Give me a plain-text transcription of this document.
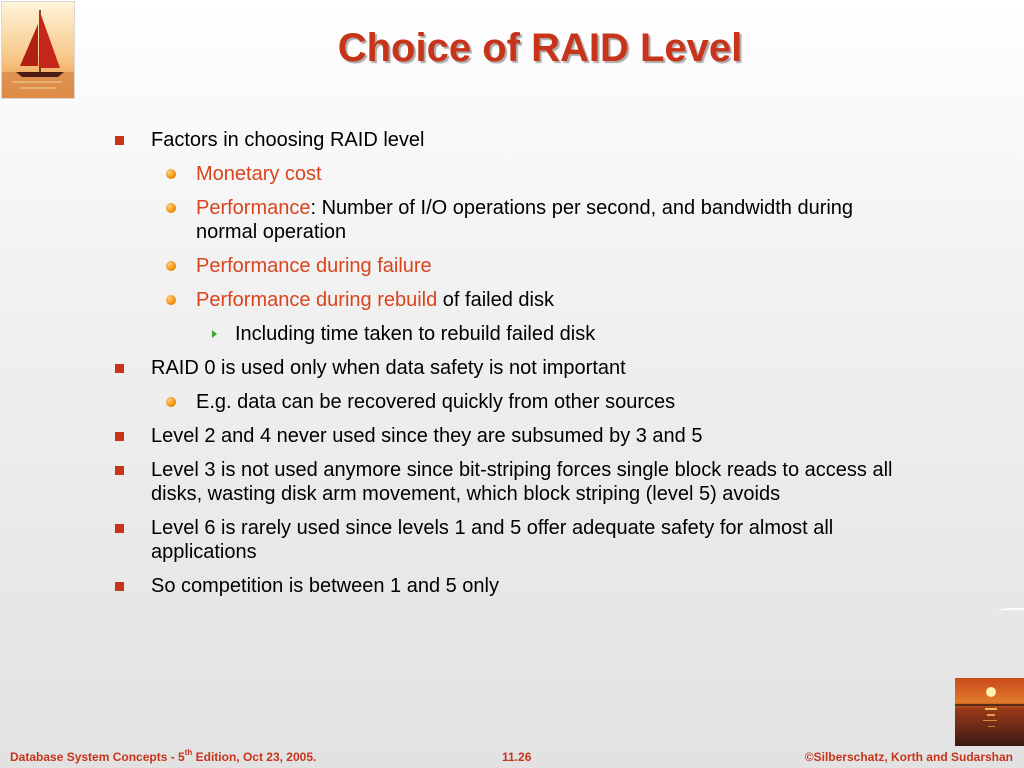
Choice of RAID Level
Factors in choosing RAID level
Monetary cost
Performance: Number of I/O operations per second, and bandwidth during normal operation
Performance during failure
Performance during rebuild of failed disk
Including time taken to rebuild failed disk
RAID 0 is used only when data safety is not important
E.g. data can be recovered quickly from other sources
Level 2 and 4 never used since they are subsumed by 3 and 5
Level 3 is not used anymore since bit-striping forces single block reads to access all disks, wasting disk arm movement, which block striping (level 5) avoids
Level 6 is rarely used since levels 1 and 5 offer adequate safety for almost all applications
So competition is between 1 and 5 only
Database System Concepts - 5th Edition, Oct 23, 2005.	11.26	©Silberschatz, Korth and Sudarshan
